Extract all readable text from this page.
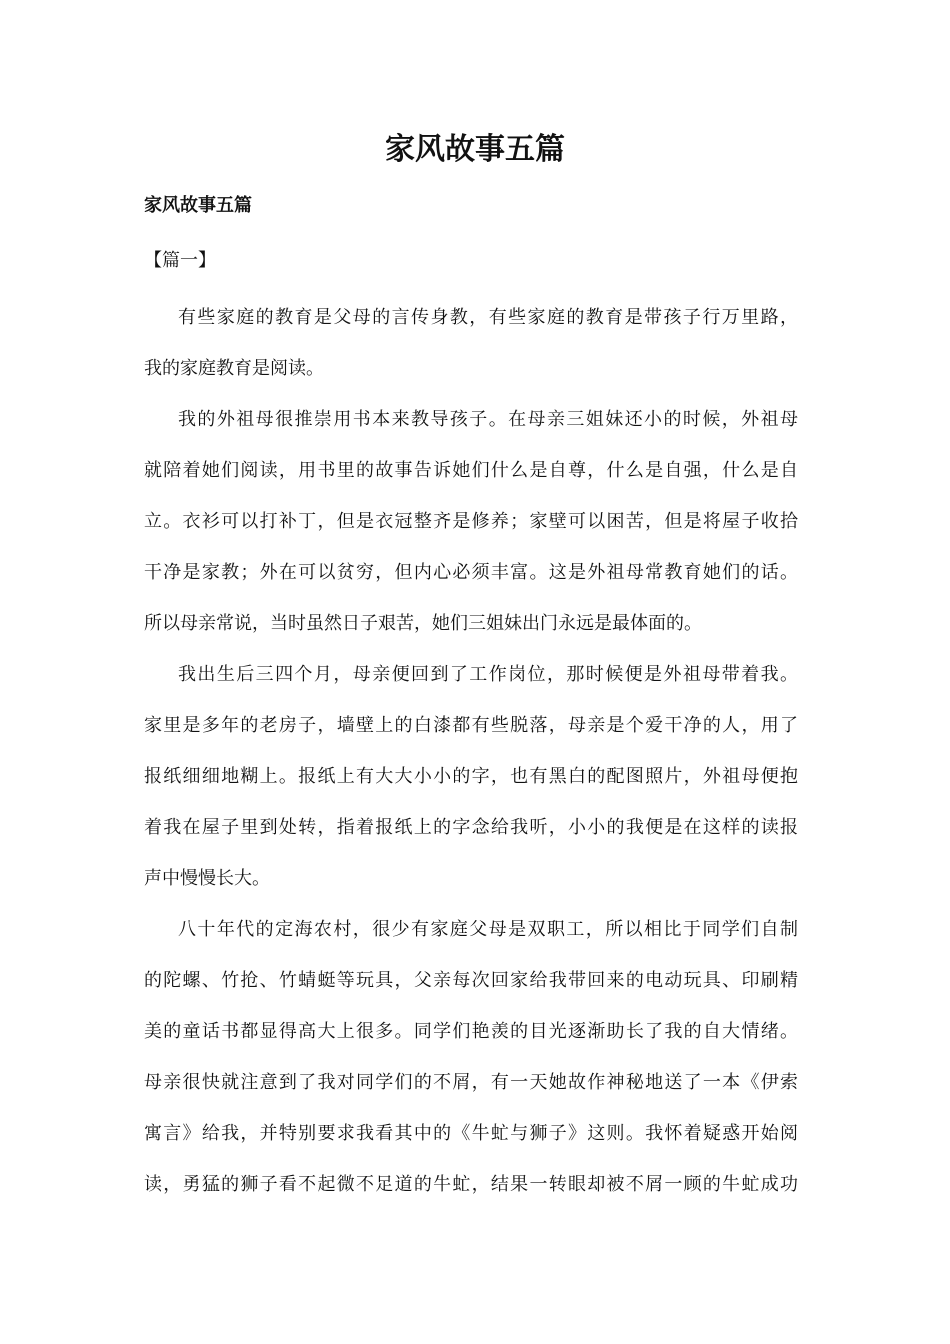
家风故事五篇
家风故事五篇
【篇一】

有些家庭的教育是父母的言传身教，有些家庭的教育是带孩子行万里路，
我的家庭教育是阅读。

我的外祖母很推崇用书本来教导孩子。在母亲三姐妹还小的时候，外祖母
就陪着她们阅读，用书里的故事告诉她们什么是自尊，什么是自强，什么是自
立。衣衫可以打补丁，但是衣冠整齐是修养；家壁可以困苦，但是将屋子收拾
干净是家教；外在可以贫穷，但内心必须丰富。这是外祖母常教育她们的话。
所以母亲常说，当时虽然日子艰苦，她们三姐妹出门永远是最体面的。

我出生后三四个月，母亲便回到了工作岗位，那时候便是外祖母带着我。
家里是多年的老房子，墙壁上的白漆都有些脱落，母亲是个爱干净的人，用了
报纸细细地糊上。报纸上有大大小小的字，也有黑白的配图照片，外祖母便抱
着我在屋子里到处转，指着报纸上的字念给我听，小小的我便是在这样的读报
声中慢慢长大。

八十年代的定海农村，很少有家庭父母是双职工，所以相比于同学们自制
的陀螺、竹抢、竹蜻蜓等玩具，父亲每次回家给我带回来的电动玩具、印刷精
美的童话书都显得高大上很多。同学们艳羡的目光逐渐助长了我的自大情绪。
母亲很快就注意到了我对同学们的不屑，有一天她故作神秘地送了一本《伊索
寓言》给我，并特别要求我看其中的《牛虻与狮子》这则。我怀着疑惑开始阅
读，勇猛的狮子看不起微不足道的牛虻，结果一转眼却被不屑一顾的牛虻成功
